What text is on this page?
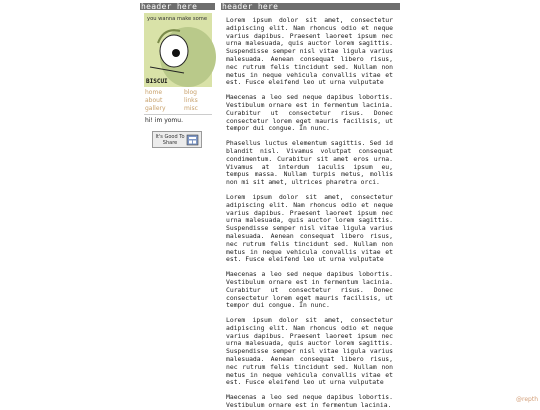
header here	header here
you wanna make some
BISCUI
home	blog
about	links
gallery	misc
hi! im yomu.
It's Good To Share

Lorem ipsum dolor sit amet, consectetur adipiscing elit. Nam rhoncus odio et neque varius dapibus. Praesent laoreet ipsum nec urna malesuada, quis auctor lorem sagittis. Suspendisse semper nisl vitae ligula varius malesuada. Aenean consequat libero risus, nec rutrum felis tincidunt sed. Nullam non metus in neque vehicula convallis vitae et est. Fusce eleifend leo ut urna vulputate

Maecenas a leo sed neque dapibus lobortis. Vestibulum ornare est in fermentum lacinia. Curabitur ut consectetur risus. Donec consectetur lorem eget mauris facilisis, ut tempor dui congue. In nunc.

Phasellus luctus elementum sagittis. Sed id blandit nisl. Vivamus volutpat consequat condimentum. Curabitur sit amet eros urna. Vivamus at interdum iaculis ipsum eu, tempus massa. Nullam turpis metus, mollis non mi sit amet, ultrices pharetra orci.

Lorem ipsum dolor sit amet, consectetur adipiscing elit. Nam rhoncus odio et neque varius dapibus. Praesent laoreet ipsum nec urna malesuada, quis auctor lorem sagittis. Suspendisse semper nisl vitae ligula varius malesuada. Aenean consequat libero risus, nec rutrum felis tincidunt sed. Nullam non metus in neque vehicula convallis vitae et est. Fusce eleifend leo ut urna vulputate

Maecenas a leo sed neque dapibus lobortis. Vestibulum ornare est in fermentum lacinia. Curabitur ut consectetur risus. Donec consectetur lorem eget mauris facilisis, ut tempor dui congue. In nunc.

Lorem ipsum dolor sit amet, consectetur adipiscing elit. Nam rhoncus odio et neque varius dapibus. Praesent laoreet ipsum nec urna malesuada, quis auctor lorem sagittis. Suspendisse semper nisl vitae ligula varius malesuada. Aenean consequat libero risus, nec rutrum felis tincidunt sed. Nullam non metus in neque vehicula convallis vitae et est. Fusce eleifend leo ut urna vulputate

Maecenas a leo sed neque dapibus lobortis. Vestibulum ornare est in fermentum lacinia.

@repth
